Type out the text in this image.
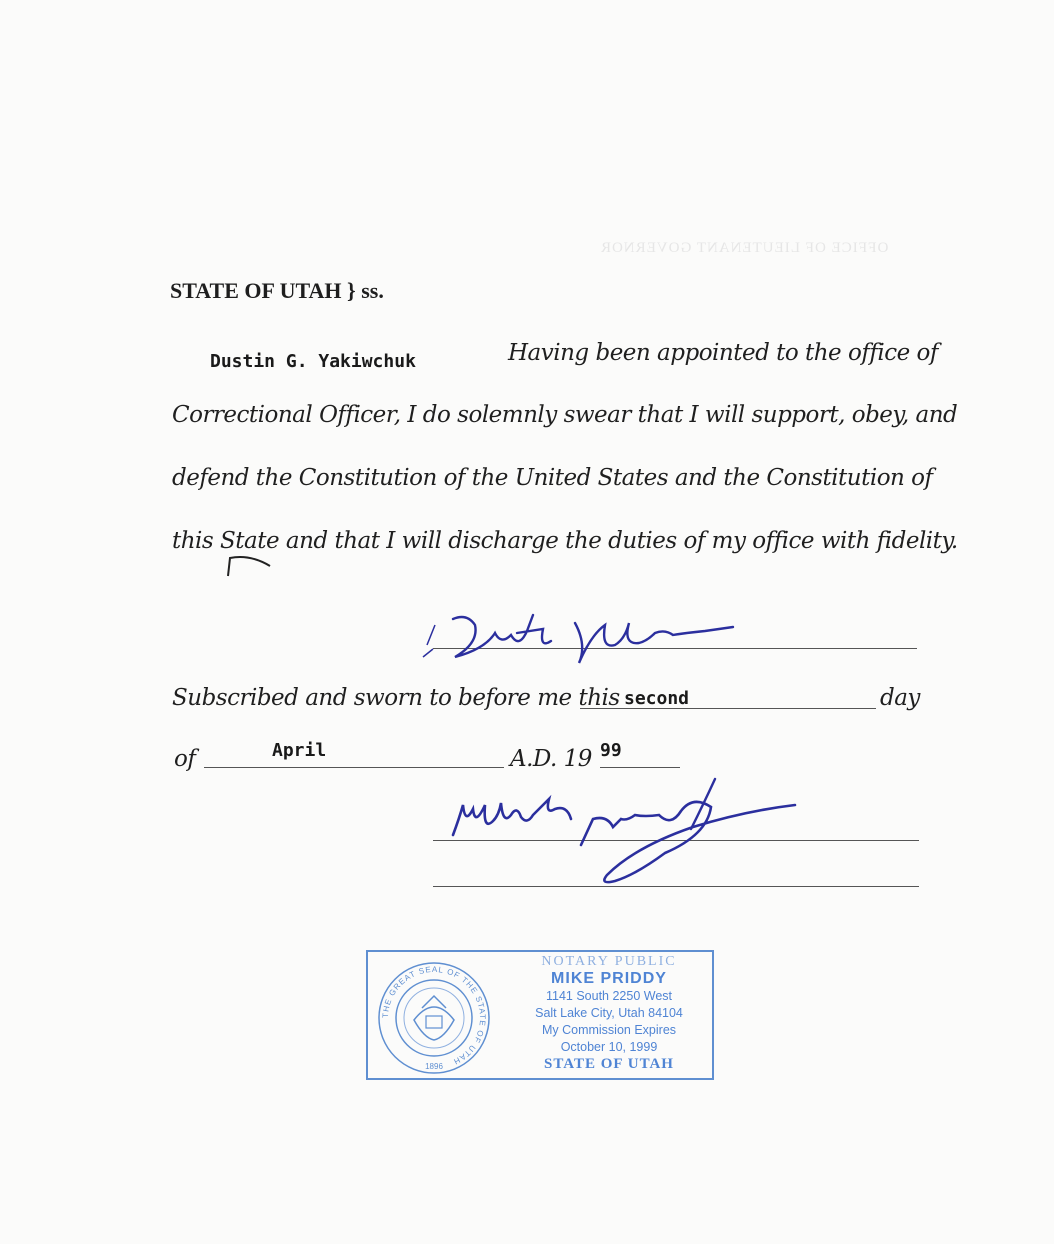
OFFICE OF LIEUTENANT GOVERNOR
STATE OF UTAH } ss.
Dustin G. Yakiwchuk	Having been appointed to the office of
Correctional Officer, I do solemnly swear that I will support, obey, and
defend the Constitution of the United States and the Constitution of
this State and that I will discharge the duties of my office with fidelity.
Subscribed and sworn to before me this second	day
of	April	A.D. 19 99
THE GREAT SEAL OF THE STATE OF UTAH
1896
NOTARY PUBLIC
MIKE PRIDDY
1141 South 2250 West
Salt Lake City, Utah 84104
My Commission Expires
October 10, 1999
STATE OF UTAH
